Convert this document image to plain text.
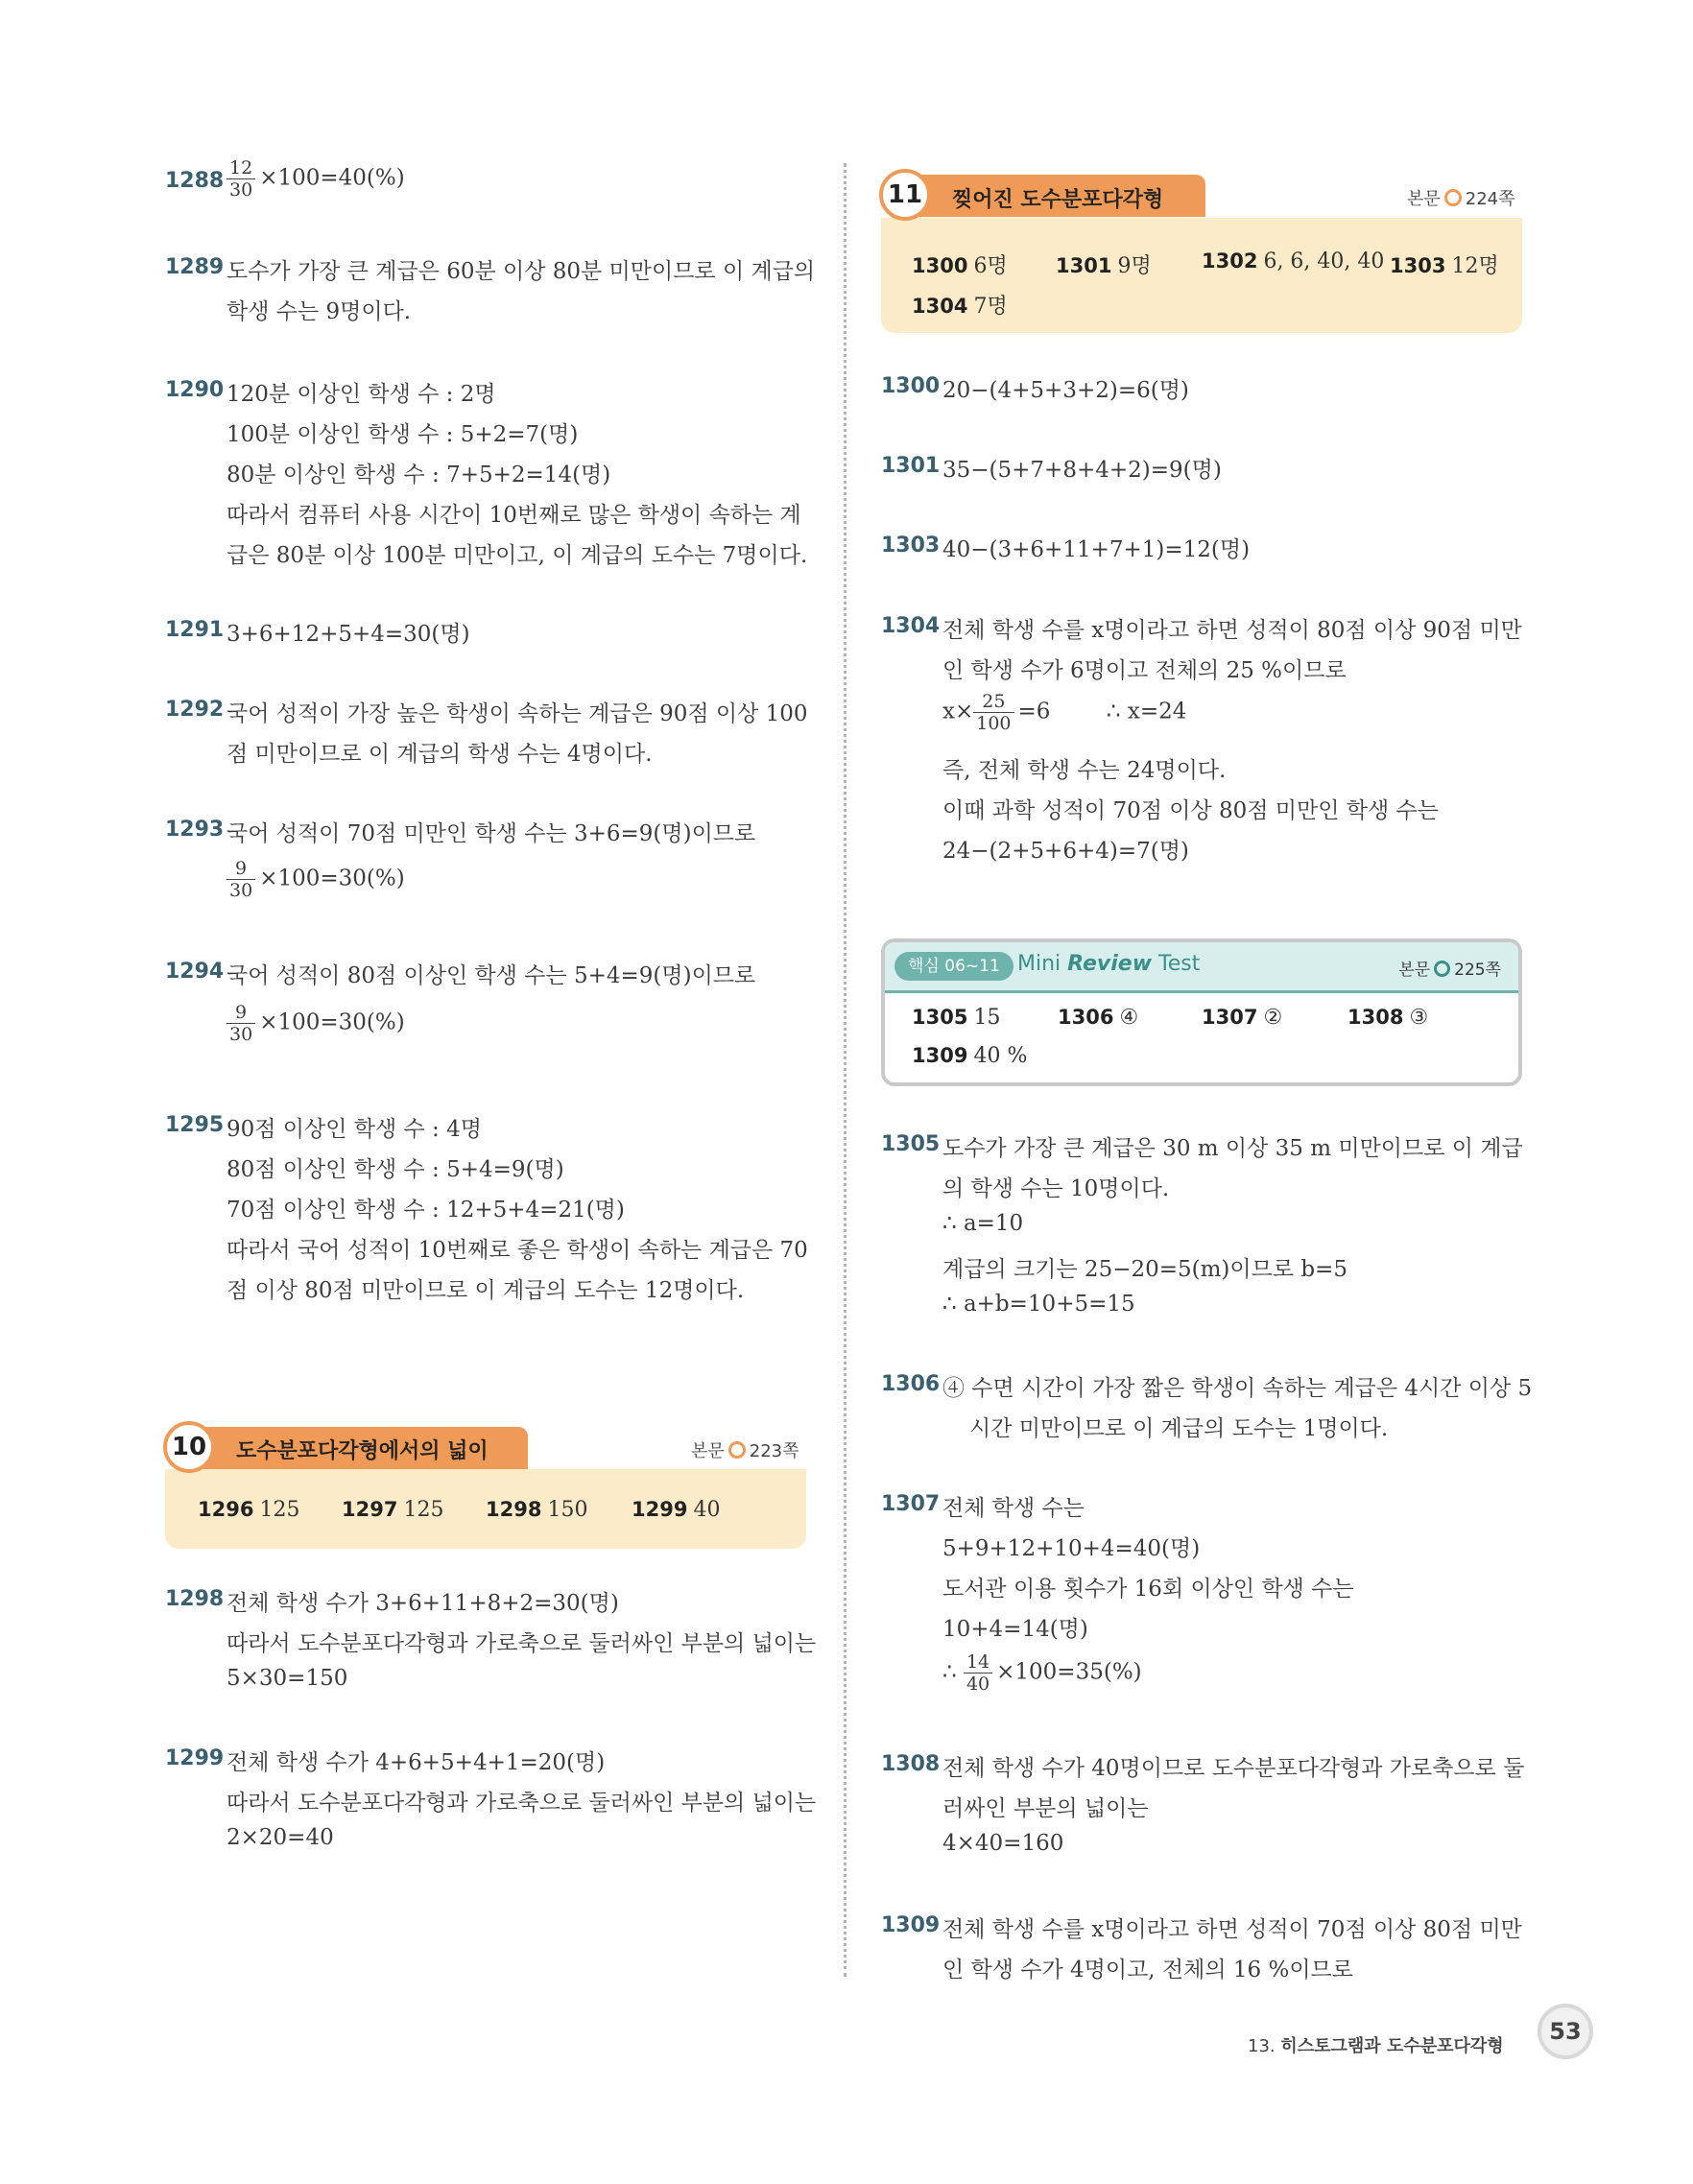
$1288 \frac{12}{30} \times 100=40(\%)$
1289 도수가 가장 큰 계급은 60분 이상 80분 미만이므로 이 계급의
학생 수는 9명이다.
1290 120분 이상인 학생 수 : 2명
100분 이상인 학생 수 : 5+2=7(명)
80분 이상인 학생 수 : 7+5+2=14(명)
따라서 컴퓨터 사용 시간이 10번째로 많은 학생이 속하는 계
급은 80분 이상 100분 미만이고, 이 계급의 도수는 7명이다.
1291 3+6+12+5+4=30(명)
1292 국어 성적이 가장 높은 학생이 속하는 계급은 90점 이상 100
점 미만이므로 이 계급의 학생 수는 4명이다.
1293 국어 성적이 70점 미만인 학생 수는 3+6=9(명)이므로
$\frac{9}{30} \times 100=30(\%)$
1294 국어 성적이 80점 이상인 학생 수는 5+4=9(명)이므로
$\frac{9}{30} \times 100=30(\%)$
1295 90점 이상인 학생 수 : 4명
80점 이상인 학생 수 : 5+4=9(명)
70점 이상인 학생 수 : 12+5+4=21(명)
따라서 국어 성적이 10번째로 좋은 학생이 속하는 계급은 70
점 이상 80점 미만이므로 이 계급의 도수는 12명이다.
10	도수분포다각형에서의 넓이	본문 223쪽
1296 125 1297 125 1298 150 1299 40
1298 전체 학생 수가 3+6+11+8+2=30(명)
따라서 도수분포다각형과 가로축으로 둘러싸인 부분의 넓이는
5×30=150
1299 전체 학생 수가 4+6+5+4+1=20(명)
따라서 도수분포다각형과 가로축으로 둘러싸인 부분의 넓이는
2×20=40
11	찢어진 도수분포다각형	본문 224쪽
1300 6명 1301 9명 1302 6, 6, 40, 40 1303 12명
1304 7명
1300 20−(4+5+3+2)=6(명)
1301 35−(5+7+8+4+2)=9(명)
1303 40−(3+6+11+7+1)=12(명)
1304 전체 학생 수를 x명이라고 하면 성적이 80점 이상 90점 미만
인 학생 수가 6명이고 전체의 25 %이므로
$x\times \frac{25}{100} =6$        ∴ x=24
즉, 전체 학생 수는 24명이다.
이때 과학 성적이 70점 이상 80점 미만인 학생 수는
24−(2+5+6+4)=7(명)
핵심 06~11 Mini Review Test	본문 225쪽
1305 15	1306 ④	1307 ②	1308 ③
1309 40 %
1305 도수가 가장 큰 계급은 30 m 이상 35 m 미만이므로 이 계급
의 학생 수는 10명이다.
∴ a=10
계급의 크기는 25−20=5(m)이므로 b=5
∴ a+b=10+5=15
1306 ④ 수면 시간이 가장 짧은 학생이 속하는 계급은 4시간 이상 5
시간 미만이므로 이 계급의 도수는 1명이다.
1307 전체 학생 수는
5+9+12+10+4=40(명)
도서관 이용 횟수가 16회 이상인 학생 수는
10+4=14(명)
∴ $\frac{14}{40} \times 100=35(\%)$
1308 전체 학생 수가 40명이므로 도수분포다각형과 가로축으로 둘
러싸인 부분의 넓이는
4×40=160
1309 전체 학생 수를 x명이라고 하면 성적이 70점 이상 80점 미만
인 학생 수가 4명이고, 전체의 16 %이므로
13. 히스토그램과 도수분포다각형
53
